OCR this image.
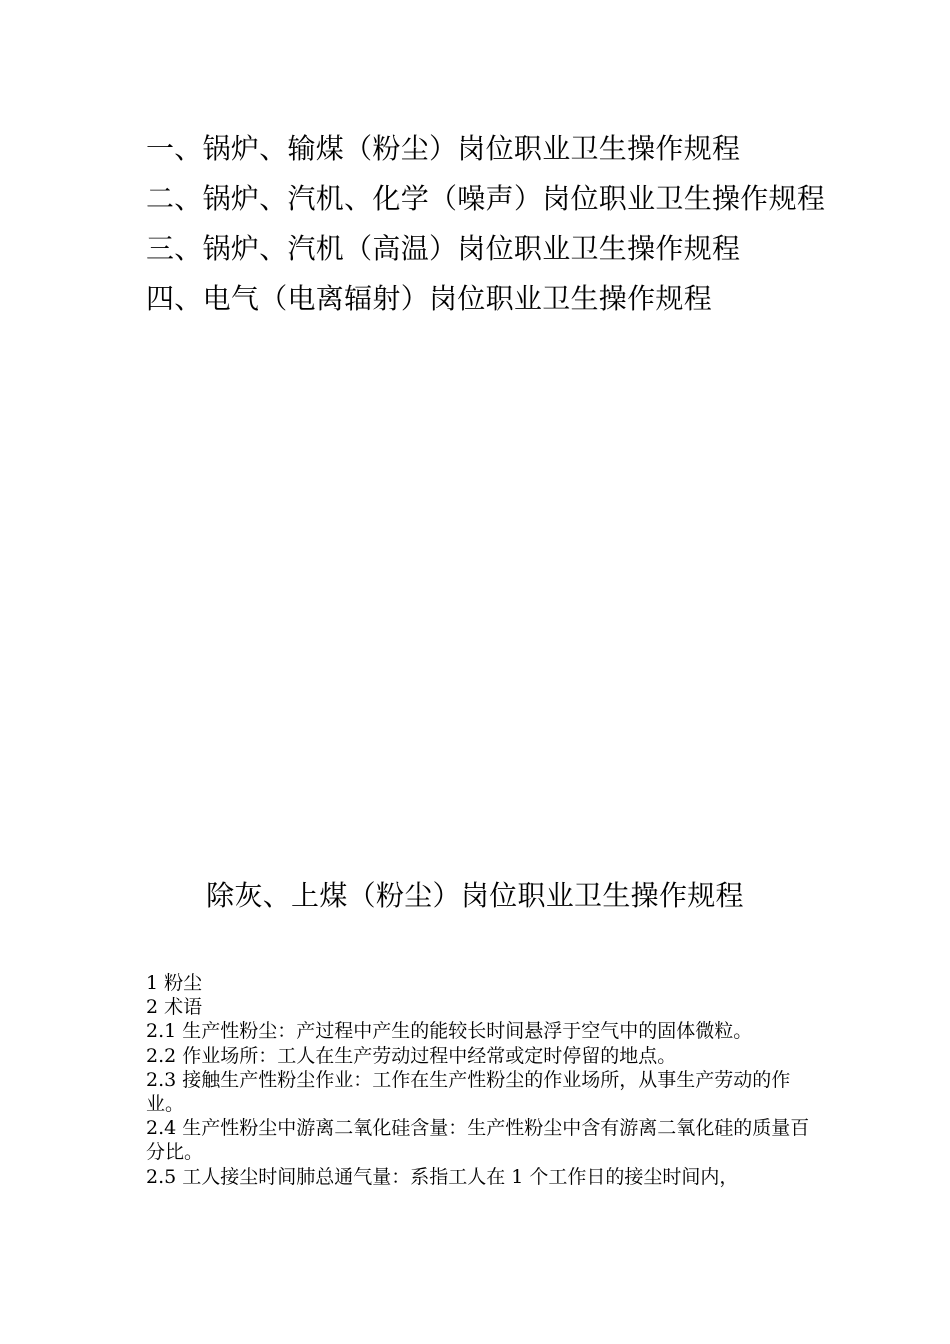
一、锅炉、输煤（粉尘）岗位职业卫生操作规程
二、锅炉、汽机、化学（噪声）岗位职业卫生操作规程
三、锅炉、汽机（高温）岗位职业卫生操作规程
四、电气（电离辐射）岗位职业卫生操作规程
除灰、上煤（粉尘）岗位职业卫生操作规程

1 粉尘

2 术语

2.1 生产性粉尘：产过程中产生的能较长时间悬浮于空气中的固体微粒。

2.2 作业场所：工人在生产劳动过程中经常或定时停留的地点。

2.3 接触生产性粉尘作业：工作在生产性粉尘的作业场所，从事生产劳动的作业。

2.4 生产性粉尘中游离二氧化硅含量：生产性粉尘中含有游离二氧化硅的质量百分比。

2.5 工人接尘时间肺总通气量：系指工人在 1 个工作日的接尘时间内，
